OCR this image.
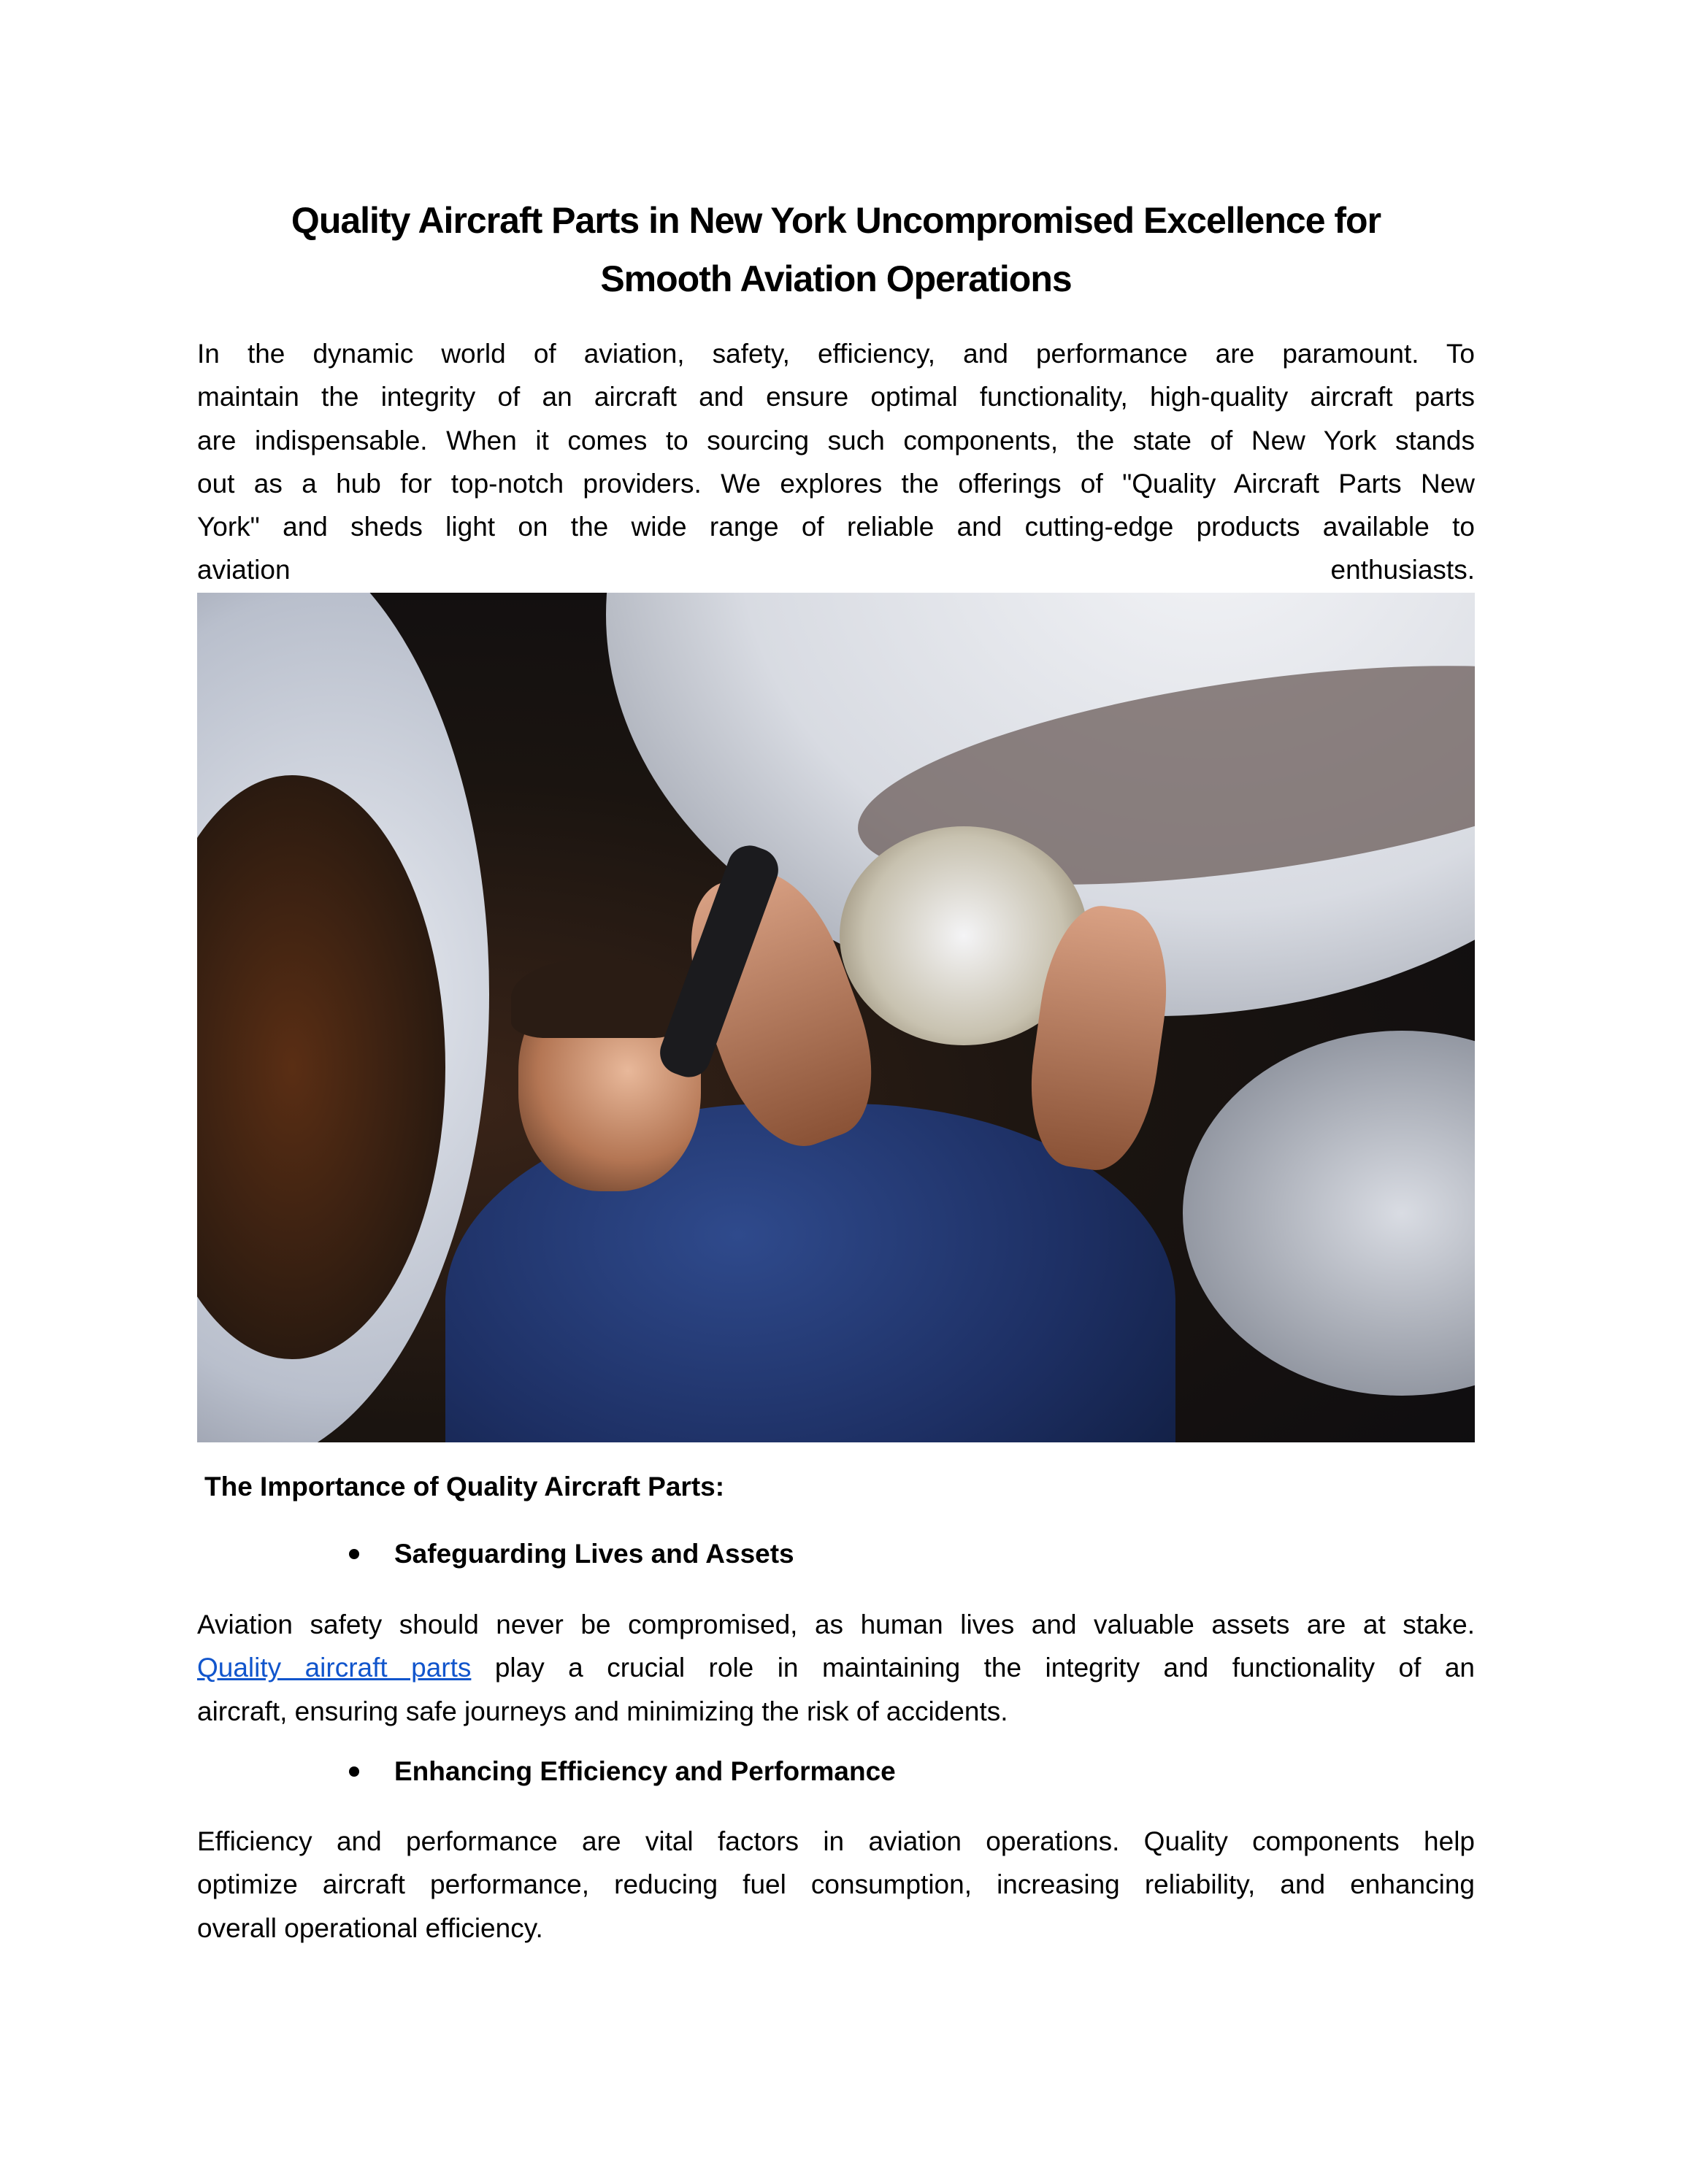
Quality Aircraft Parts in New York Uncompromised Excellence for
Smooth Aviation Operations
In the dynamic world of aviation, safety, efficiency, and performance are paramount. To
maintain the integrity of an aircraft and ensure optimal functionality, high-quality aircraft parts
are indispensable. When it comes to sourcing such components, the state of New York stands
out as a hub for top-notch providers. We explores the offerings of "Quality Aircraft Parts New
York" and sheds light on the wide range of reliable and cutting-edge products available to
aviation	enthusiasts.
The Importance of Quality Aircraft Parts:
Safeguarding Lives and Assets
Aviation safety should never be compromised, as human lives and valuable assets are at stake.
Quality aircraft parts play a crucial role in maintaining the integrity and functionality of an
aircraft, ensuring safe journeys and minimizing the risk of accidents.
Enhancing Efficiency and Performance
Efficiency and performance are vital factors in aviation operations. Quality components help
optimize aircraft performance, reducing fuel consumption, increasing reliability, and enhancing
overall operational efficiency.
